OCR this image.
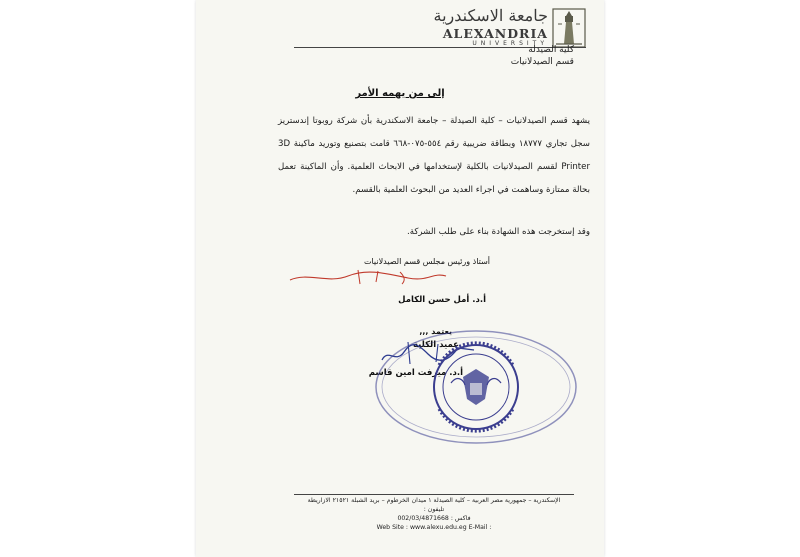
جامعة الاسكندرية
ALEXANDRIA
UNIVERSITY
كلية الصيدلة
قسم الصيدلانيات
إلى من يهمه الأمر

يشهد قسم الصيدلانيات – كلية الصيدلة – جامعة الاسكندرية بأن شركة روبوتا إندستريز سجل تجاري ١٨٧٧٧ وبطاقة ضريبية رقم ٥٥٤-٠٧٥-٦٦٨ قامت بتصنيع وتوريد ماكينة 3D Printer لقسم الصيدلانيات بالكلية لإستخدامها في الابحاث العلمية. وأن الماكينة تعمل بحالة ممتازة وساهمت في اجراء العديد من البحوث العلمية بالقسم.

وقد إستخرجت هذه الشهادة بناء على طلب الشركة.
أستاذ ورئيس مجلس قسم الصيدلانيات
أ.د. أمل حسن الكامل
يعتمد ,,,
عميد الكلية
أ.د. ميرفت امين قاسم
الإسكندرية – جمهورية مصر العربية – كلية الصيدلة ١ ميدان الخرطوم – بريد الشبلة ٢١٥٢١ الازاريطة
تليفون :
فاكس : 002/03/4871668
Web Site : www.alexu.edu.eg E-Mail :
